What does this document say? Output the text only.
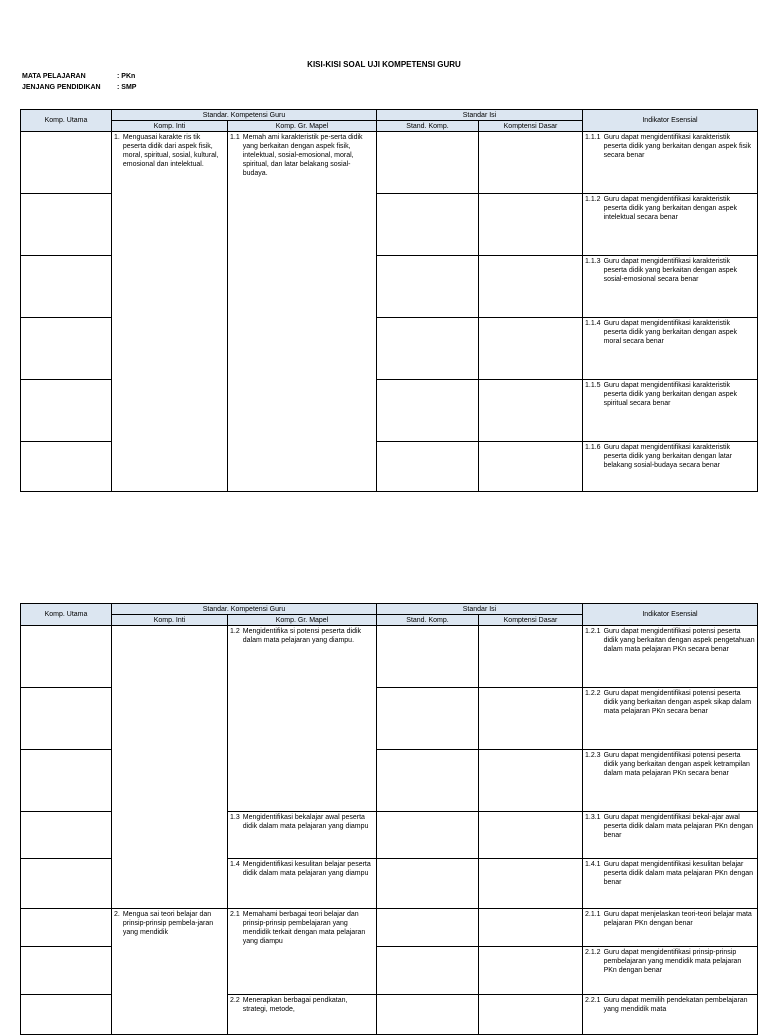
KISI-KISI SOAL UJI KOMPETENSI GURU
MATA PELAJARAN	: PKn
JENJANG PENDIDIKAN : SMP
Komp. Utama	Standar. Kompetensi Guru		Standar Isi		Indikator Esensial
	Komp. Inti	Komp. Gr. Mapel	Stand. Komp.	Komptensi Dasar	

	1. Menguasai karakte ris tik peserta didik dari aspek fisik, moral, spiritual, sosial, kultural, emosional dan intelektual.	1.1 Memah ami karakteristik pe-serta didik yang berkaitan dengan aspek fisik, intelektual, sosial-emosional, moral, spiritual, dan latar belakang sosial-budaya.			1.1.1 Guru dapat mengidentifikasi karakteristik peserta didik yang berkaitan dengan aspek fisik secara benar

					1.1.2 Guru dapat mengidentifikasi karakteristik peserta didik yang berkaitan dengan aspek intelektual secara benar

					1.1.3 Guru dapat mengidentifikasi karakteristik peserta didik yang berkaitan dengan aspek sosial-emosional secara benar

					1.1.4 Guru dapat mengidentifikasi karakteristik peserta didik yang berkaitan dengan aspek moral secara benar

					1.1.5 Guru dapat mengidentifikasi karakteristik peserta didik yang berkaitan dengan aspek spiritual secara benar

					1.1.6 Guru dapat mengidentifikasi karakteristik peserta didik yang berkaitan dengan latar belakang sosial-budaya secara benar
Komp. Utama	Standar. Kompetensi Guru		Standar Isi		Indikator Esensial
	Komp. Inti	Komp. Gr. Mapel	Stand. Komp.	Komptensi Dasar	

		1.2 Mengidentifika si potensi peserta didik dalam mata pelajaran yang diampu.			1.2.1 Guru dapat mengidentifikasi potensi peserta didik yang berkaitan dengan aspek pengetahuan dalam mata pelajaran PKn secara benar

					1.2.2 Guru dapat mengidentifikasi potensi peserta didik yang berkaitan dengan aspek sikap dalam mata pelajaran PKn secara benar

					1.2.3 Guru dapat mengidentifikasi potensi peserta didik yang berkaitan dengan aspek ketrampilan dalam mata pelajaran PKn secara benar

		1.3 Mengidentifikasi bekalajar awal peserta didik dalam mata pelajaran yang diampu			1.3.1 Guru dapat mengidentifikasi bekal-ajar awal peserta didik dalam mata pelajaran PKn dengan benar

		1.4 Mengidentifikasi kesulitan belajar peserta didik dalam mata pelajaran yang diampu			1.4.1 Guru dapat mengidentifikasi kesulitan belajar peserta didik dalam mata pelajaran PKn dengan benar

	2. Mengua sai teori belajar dan prinsip-prinsip pembela-jaran yang mendidik	2.1 Memahami berbagai teori belajar dan prinsip-prinsip pembelajaran yang mendidik terkait dengan mata pelajaran yang diampu			2.1.1 Guru dapat menjelaskan teori-teori belajar mata pelajaran PKn dengan benar

					2.1.2 Guru dapat mengidentifikasi prinsip-prinsip pembelajaran yang mendidik mata pelajaran PKn dengan benar

		2.2 Menerapkan berbagai pendkatan, strategi, metode,			2.2.1 Guru dapat memilih pendekatan pembelajaran yang mendidik mata
